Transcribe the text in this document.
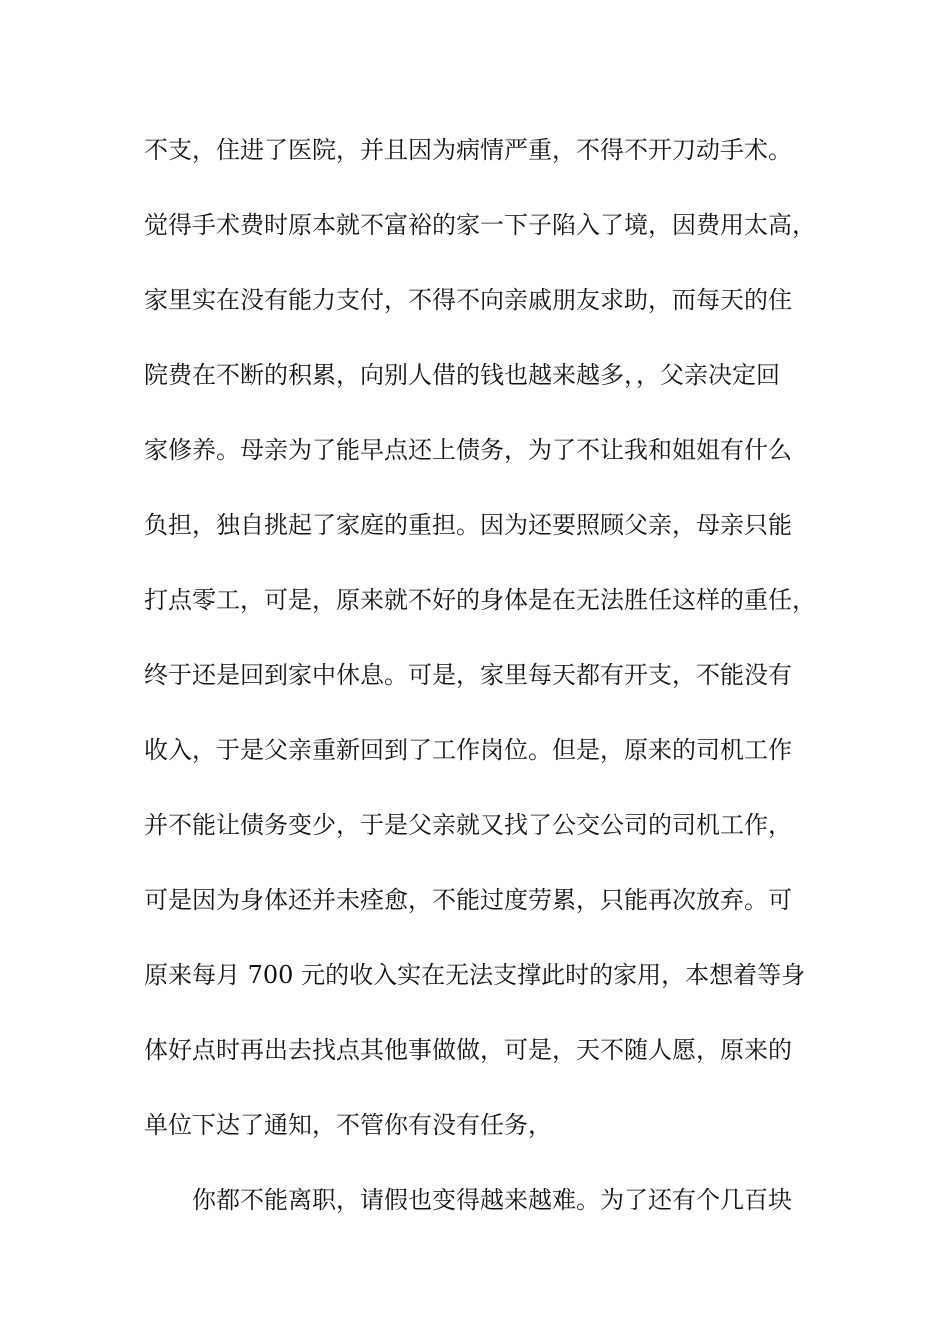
不支，住进了医院，并且因为病情严重，不得不开刀动手术。
觉得手术费时原本就不富裕的家一下子陷入了境，因费用太高，
家里实在没有能力支付，不得不向亲戚朋友求助，而每天的住
院费在不断的积累，向别人借的钱也越来越多，，父亲决定回
家修养。母亲为了能早点还上债务，为了不让我和姐姐有什么
负担，独自挑起了家庭的重担。因为还要照顾父亲，母亲只能
打点零工，可是，原来就不好的身体是在无法胜任这样的重任，
终于还是回到家中休息。可是，家里每天都有开支，不能没有
收入，于是父亲重新回到了工作岗位。但是，原来的司机工作
并不能让债务变少，于是父亲就又找了公交公司的司机工作，
可是因为身体还并未痊愈，不能过度劳累，只能再次放弃。可
原来每月 700 元的收入实在无法支撑此时的家用，本想着等身
体好点时再出去找点其他事做做，可是，天不随人愿，原来的
单位下达了通知，不管你有没有任务，
你都不能离职，请假也变得越来越难。为了还有个几百块
